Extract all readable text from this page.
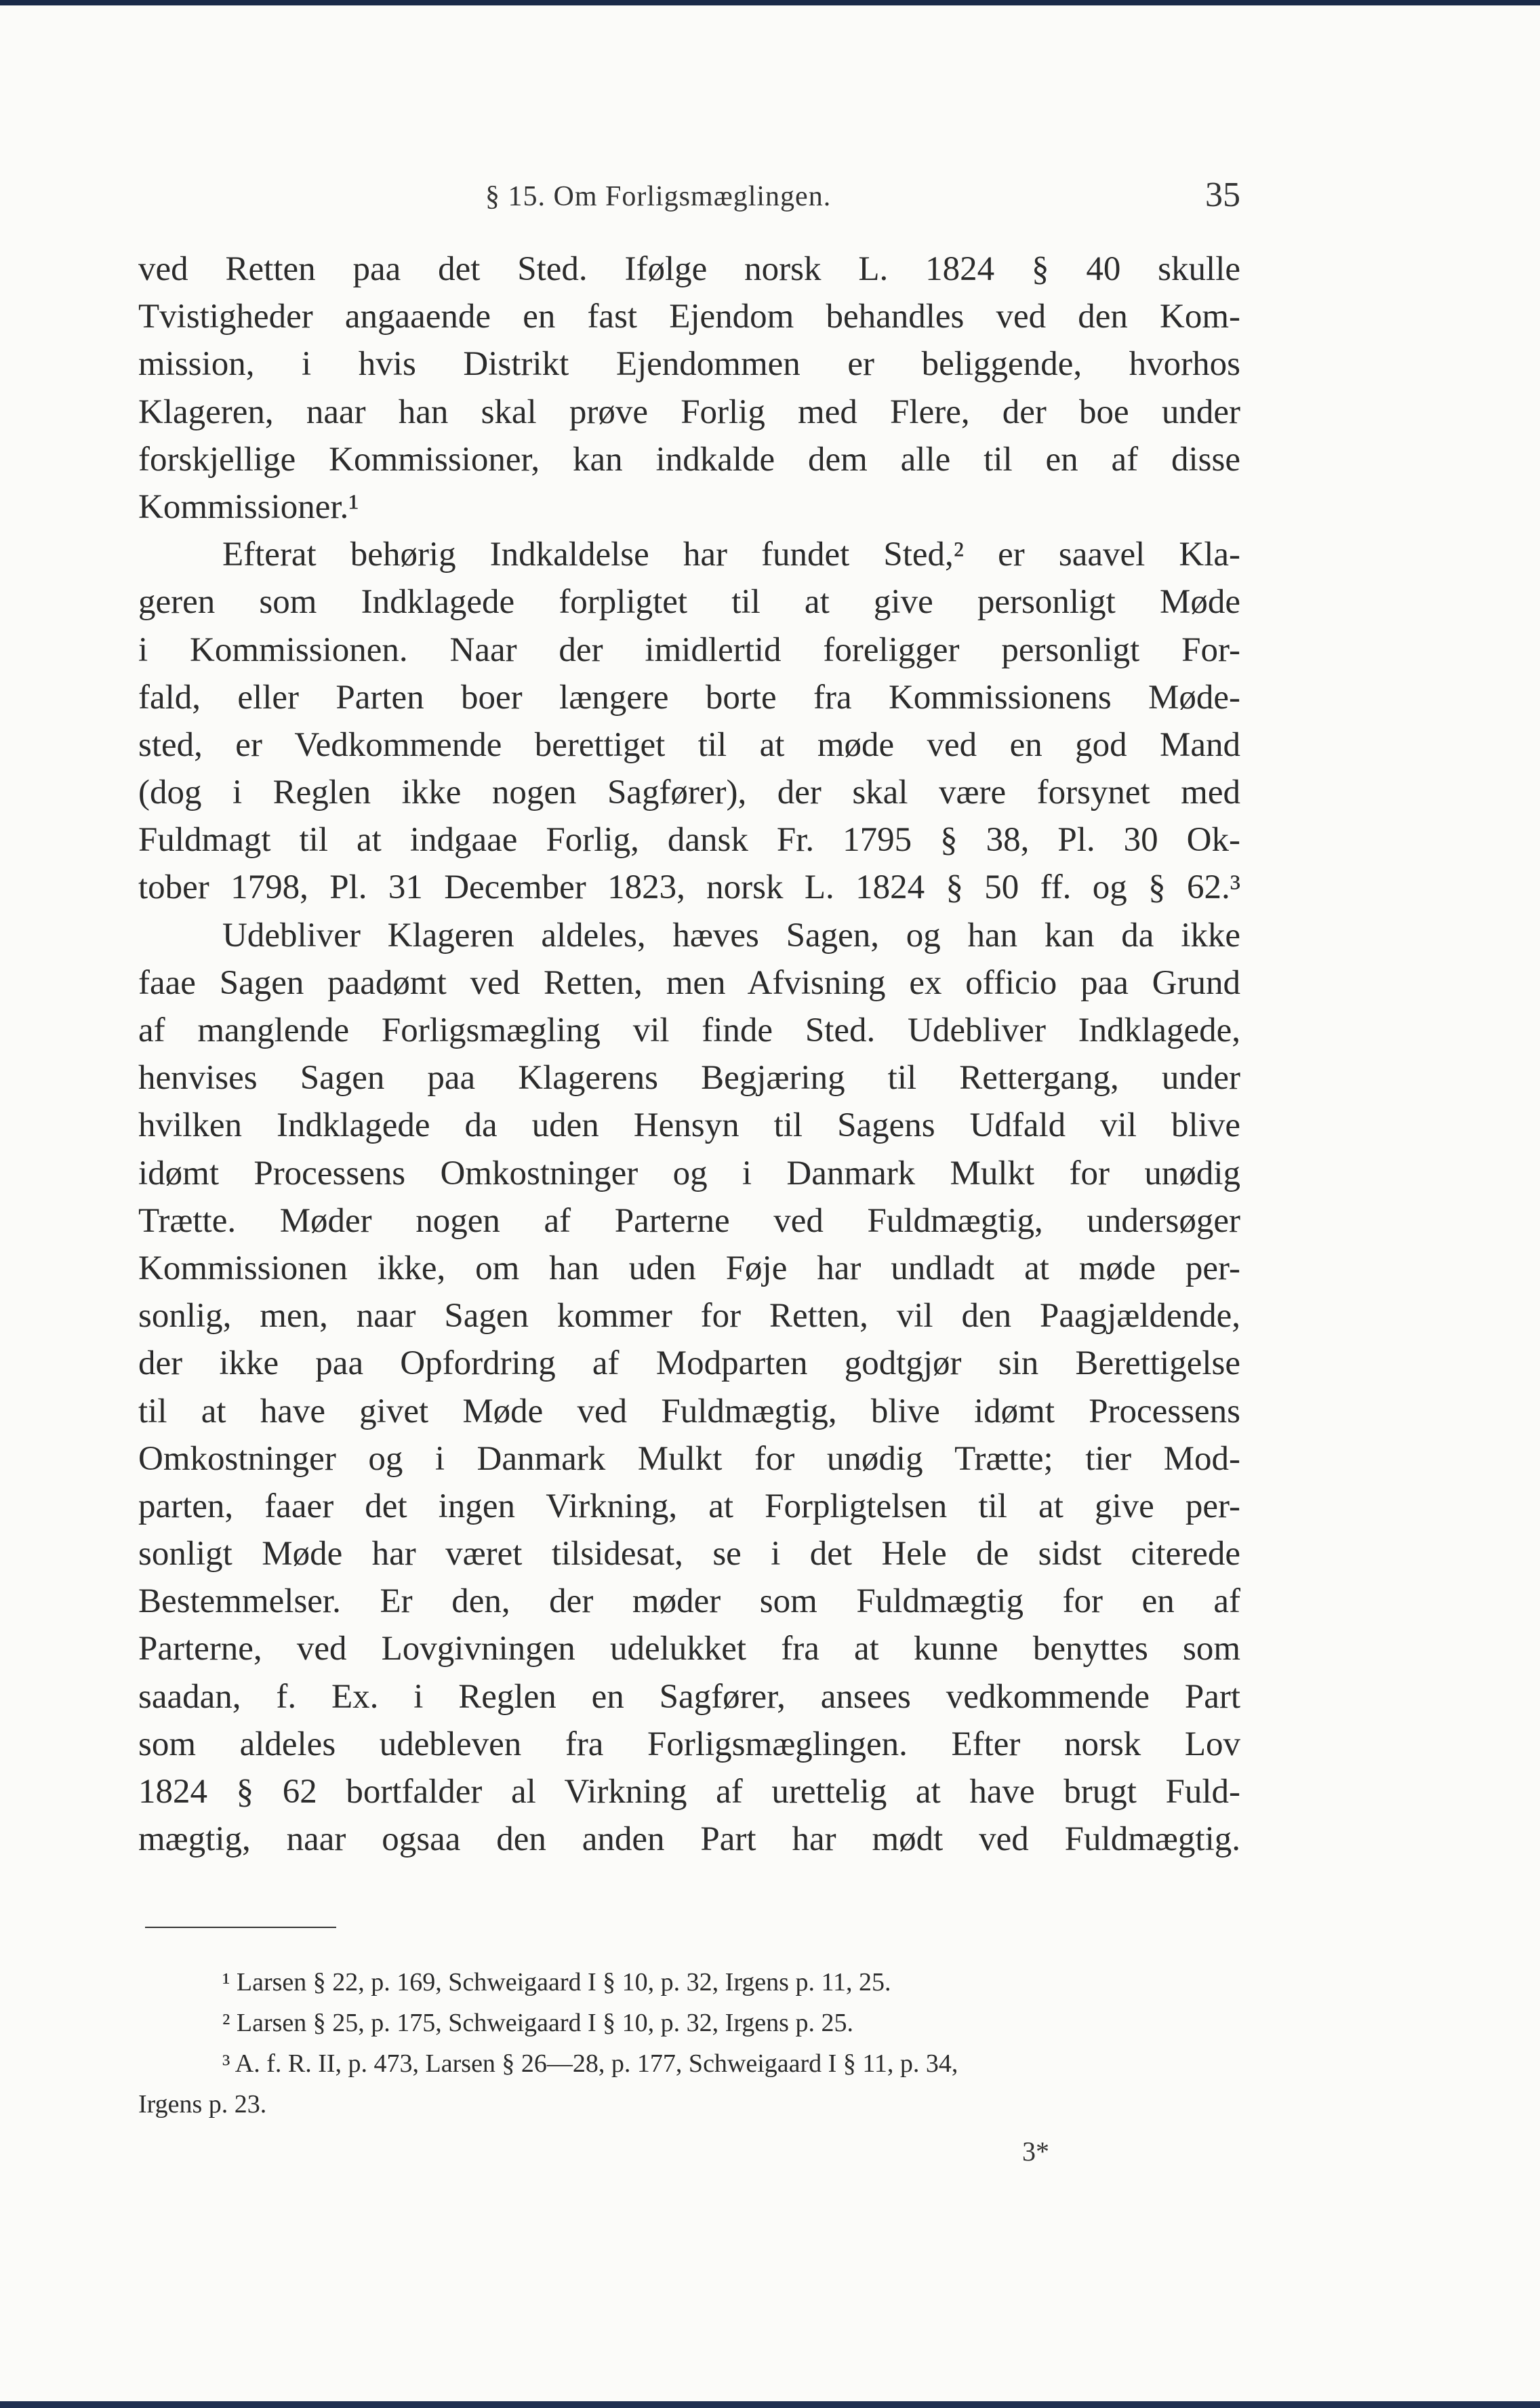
§ 15. Om Forligsmæglingen.	35
ved Retten paa det Sted. Ifølge norsk L. 1824 § 40 skulle
Tvistigheder angaaende en fast Ejendom behandles ved den Kom-
mission, i hvis Distrikt Ejendommen er beliggende, hvorhos
Klageren, naar han skal prøve Forlig med Flere, der boe under
forskjellige Kommissioner, kan indkalde dem alle til en af disse
Kommissioner.¹
Efterat behørig Indkaldelse har fundet Sted,² er saavel Kla-
geren som Indklagede forpligtet til at give personligt Møde
i Kommissionen. Naar der imidlertid foreligger personligt For-
fald, eller Parten boer længere borte fra Kommissionens Møde-
sted, er Vedkommende berettiget til at møde ved en god Mand
(dog i Reglen ikke nogen Sagfører), der skal være forsynet med
Fuldmagt til at indgaae Forlig, dansk Fr. 1795 § 38, Pl. 30 Ok-
tober 1798, Pl. 31 December 1823, norsk L. 1824 § 50 ff. og § 62.³
Udebliver Klageren aldeles, hæves Sagen, og han kan da ikke
faae Sagen paadømt ved Retten, men Afvisning ex officio paa Grund
af manglende Forligsmægling vil finde Sted. Udebliver Indklagede,
henvises Sagen paa Klagerens Begjæring til Rettergang, under
hvilken Indklagede da uden Hensyn til Sagens Udfald vil blive
idømt Processens Omkostninger og i Danmark Mulkt for unødig
Trætte. Møder nogen af Parterne ved Fuldmægtig, undersøger
Kommissionen ikke, om han uden Føje har undladt at møde per-
sonlig, men, naar Sagen kommer for Retten, vil den Paagjældende,
der ikke paa Opfordring af Modparten godtgjør sin Berettigelse
til at have givet Møde ved Fuldmægtig, blive idømt Processens
Omkostninger og i Danmark Mulkt for unødig Trætte; tier Mod-
parten, faaer det ingen Virkning, at Forpligtelsen til at give per-
sonligt Møde har været tilsidesat, se i det Hele de sidst citerede
Bestemmelser. Er den, der møder som Fuldmægtig for en af
Parterne, ved Lovgivningen udelukket fra at kunne benyttes som
saadan, f. Ex. i Reglen en Sagfører, ansees vedkommende Part
som aldeles udebleven fra Forligsmæglingen. Efter norsk Lov
1824 § 62 bortfalder al Virkning af urettelig at have brugt Fuld-
mægtig, naar ogsaa den anden Part har mødt ved Fuldmægtig.
¹ Larsen § 22, p. 169, Schweigaard I § 10, p. 32, Irgens p. 11, 25.
² Larsen § 25, p. 175, Schweigaard I § 10, p. 32, Irgens p. 25.
³ A. f. R. II, p. 473, Larsen § 26—28, p. 177, Schweigaard I § 11, p. 34,
Irgens p. 23.
3*
